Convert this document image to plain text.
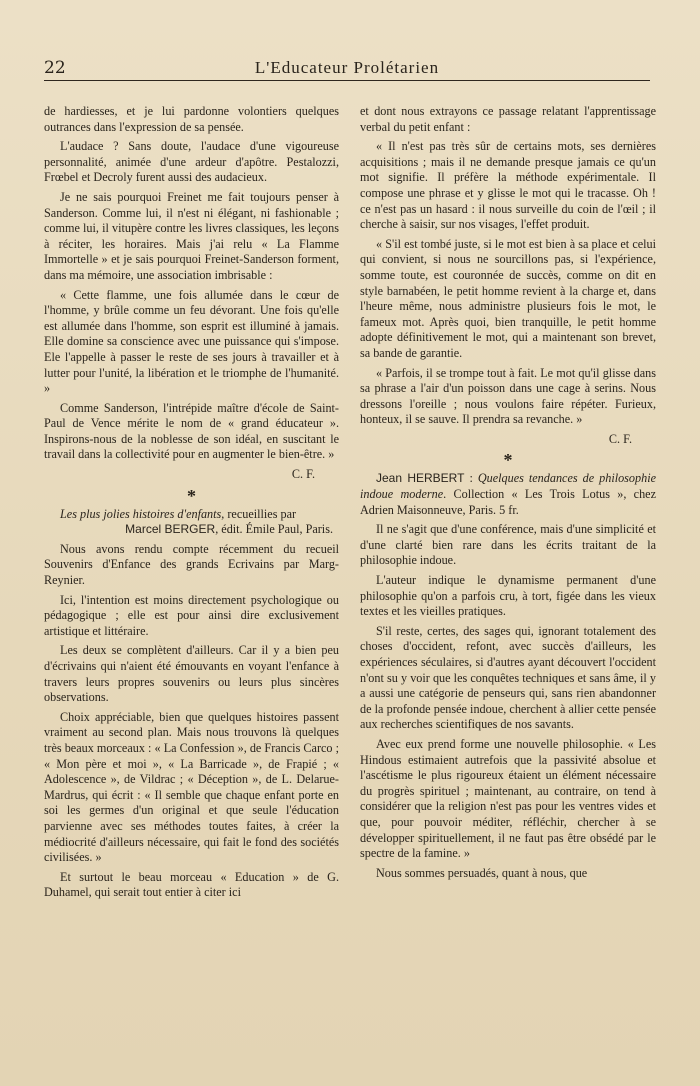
22	L'Educateur Prolétarien

de hardiesses, et je lui pardonne volontiers quelques outrances dans l'expression de sa pensée.

L'audace ? Sans doute, l'audace d'une vigoureuse personnalité, animée d'une ardeur d'apôtre. Pestalozzi, Frœbel et Decroly furent aussi des audacieux.

Je ne sais pourquoi Freinet me fait toujours penser à Sanderson. Comme lui, il n'est ni élégant, ni fashionable ; comme lui, il vitupère contre les livres classiques, les leçons à réciter, les horaires. Mais j'ai relu « La Flamme Immortelle » et je sais pourquoi Freinet-Sanderson forment, dans ma mémoire, une association imbrisable :

« Cette flamme, une fois allumée dans le cœur de l'homme, y brûle comme un feu dévorant. Une fois qu'elle est allumée dans l'homme, son esprit est illuminé à jamais. Elle domine sa conscience avec une puissance qui s'impose. Ele l'appelle à passer le reste de ses jours à travailler et à lutter pour l'unité, la libération et le triomphe de l'humanité. »

Comme Sanderson, l'intrépide maître d'école de Saint-Paul de Vence mérite le nom de « grand éducateur ». Inspirons-nous de la noblesse de son idéal, en suscitant le travail dans la collectivité pour en augmenter le bien-être. »

C. F.
*

Les plus jolies histoires d'enfants, recueillies par
Marcel BERGER, édit. Émile Paul, Paris.

Nous avons rendu compte récemment du recueil Souvenirs d'Enfance des grands Ecrivains par Marg-Reynier.

Ici, l'intention est moins directement psychologique ou pédagogique ; elle est pour ainsi dire exclusivement artistique et littéraire.

Les deux se complètent d'ailleurs. Car il y a bien peu d'écrivains qui n'aient été émouvants en voyant l'enfance à travers leurs propres souvenirs ou leurs plus sincères observations.

Choix appréciable, bien que quelques histoires passent vraiment au second plan. Mais nous trouvons là quelques très beaux morceaux : « La Confession », de Francis Carco ; « Mon père et moi », « La Barricade », de Frapié ; « Adolescence », de Vildrac ; « Déception », de L. Delarue-Mardrus, qui écrit : « Il semble que chaque enfant porte en soi les germes d'un original et que seule l'éducation parvienne avec ses méthodes toutes faites, à créer la médiocrité d'ailleurs nécessaire, qui fait le fond des sociétés civilisées. »

Et surtout le beau morceau « Education » de G. Duhamel, qui serait tout entier à citer ici

et dont nous extrayons ce passage relatant l'apprentissage verbal du petit enfant :

« Il n'est pas très sûr de certains mots, ses dernières acquisitions ; mais il ne demande presque jamais ce qu'un mot signifie. Il préfère la méthode expérimentale. Il compose une phrase et y glisse le mot qui le tracasse. Oh ! ce n'est pas un hasard : il nous surveille du coin de l'œil ; il cherche à saisir, sur nos visages, l'effet produit.

« S'il est tombé juste, si le mot est bien à sa place et celui qui convient, si nous ne sourcillons pas, si l'expérience, somme toute, est couronnée de succès, comme on dit en style barnabéen, le petit homme revient à la charge et, dans l'heure même, nous administre plusieurs fois le mot, le fameux mot. Après quoi, bien tranquille, le petit homme adopte définitivement le mot, qui a maintenant son brevet, sa bande de garantie.

« Parfois, il se trompe tout à fait. Le mot qu'il glisse dans sa phrase a l'air d'un poisson dans une cage à serins. Nous dressons l'oreille ; nous voulons faire répéter. Furieux, honteux, il se sauve. Il prendra sa revanche. »

C. F.
*

Jean HERBERT : Quelques tendances de philosophie indoue moderne. Collection « Les Trois Lotus », chez Adrien Maisonneuve, Paris. 5 fr.

Il ne s'agit que d'une conférence, mais d'une simplicité et d'une clarté bien rare dans les écrits traitant de la philosophie indoue.

L'auteur indique le dynamisme permanent d'une philosophie qu'on a parfois cru, à tort, figée dans les vieux textes et les vieilles pratiques.

S'il reste, certes, des sages qui, ignorant totalement des choses d'occident, refont, avec succès d'ailleurs, les expériences séculaires, si d'autres ayant découvert l'occident n'ont su y voir que les conquêtes techniques et sans âme, il y a aussi une catégorie de penseurs qui, sans rien abandonner de la profonde pensée indoue, cherchent à allier cette pensée aux recherches scientifiques de nos savants.

Avec eux prend forme une nouvelle philosophie. « Les Hindous estimaient autrefois que la passivité absolue et l'ascétisme le plus rigoureux étaient un élément nécessaire du progrès spirituel ; maintenant, au contraire, on tend à considérer que la religion n'est pas pour les ventres vides et que, pour pouvoir méditer, réfléchir, chercher à se développer spirituellement, il ne faut pas être obsédé par le spectre de la famine. »

Nous sommes persuadés, quant à nous, que
